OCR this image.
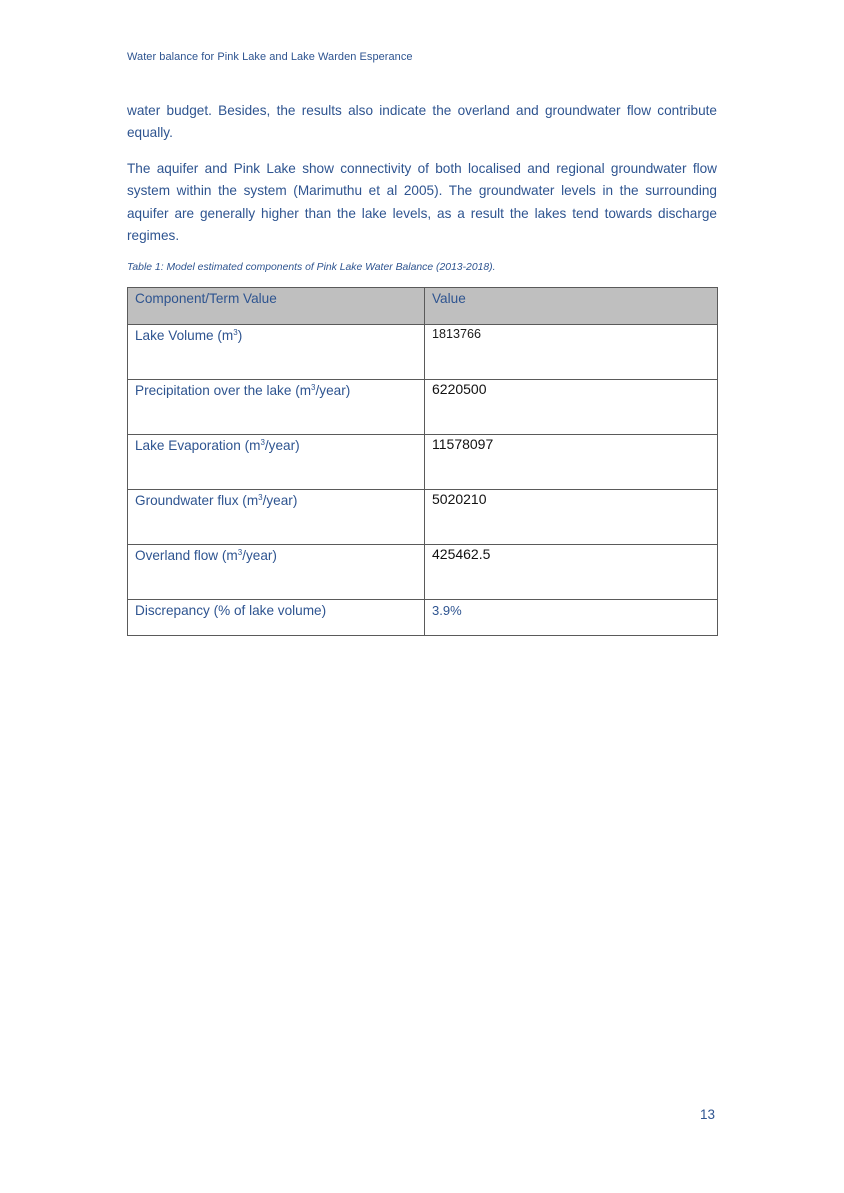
Water balance for Pink Lake and Lake Warden Esperance

water budget. Besides, the results also indicate the overland and groundwater flow contribute equally.

The aquifer and Pink Lake show connectivity of both localised and regional groundwater flow system within the system (Marimuthu et al 2005). The groundwater levels in the surrounding aquifer are generally higher than the lake levels, as a result the lakes tend towards discharge regimes.

Table 1: Model estimated components of Pink Lake Water Balance (2013-2018).
Component/Term Value	Value

Lake Volume $(m^3)$	1813766

Precipitation over the lake $(m^3/year)$	6220500

Lake Evaporation $(m^3/year)$	11578097

Groundwater flux $(m^3/year)$	5020210

Overland flow $(m^3/year)$	425462.5

Discrepancy (% of lake volume)	3.9%
13
